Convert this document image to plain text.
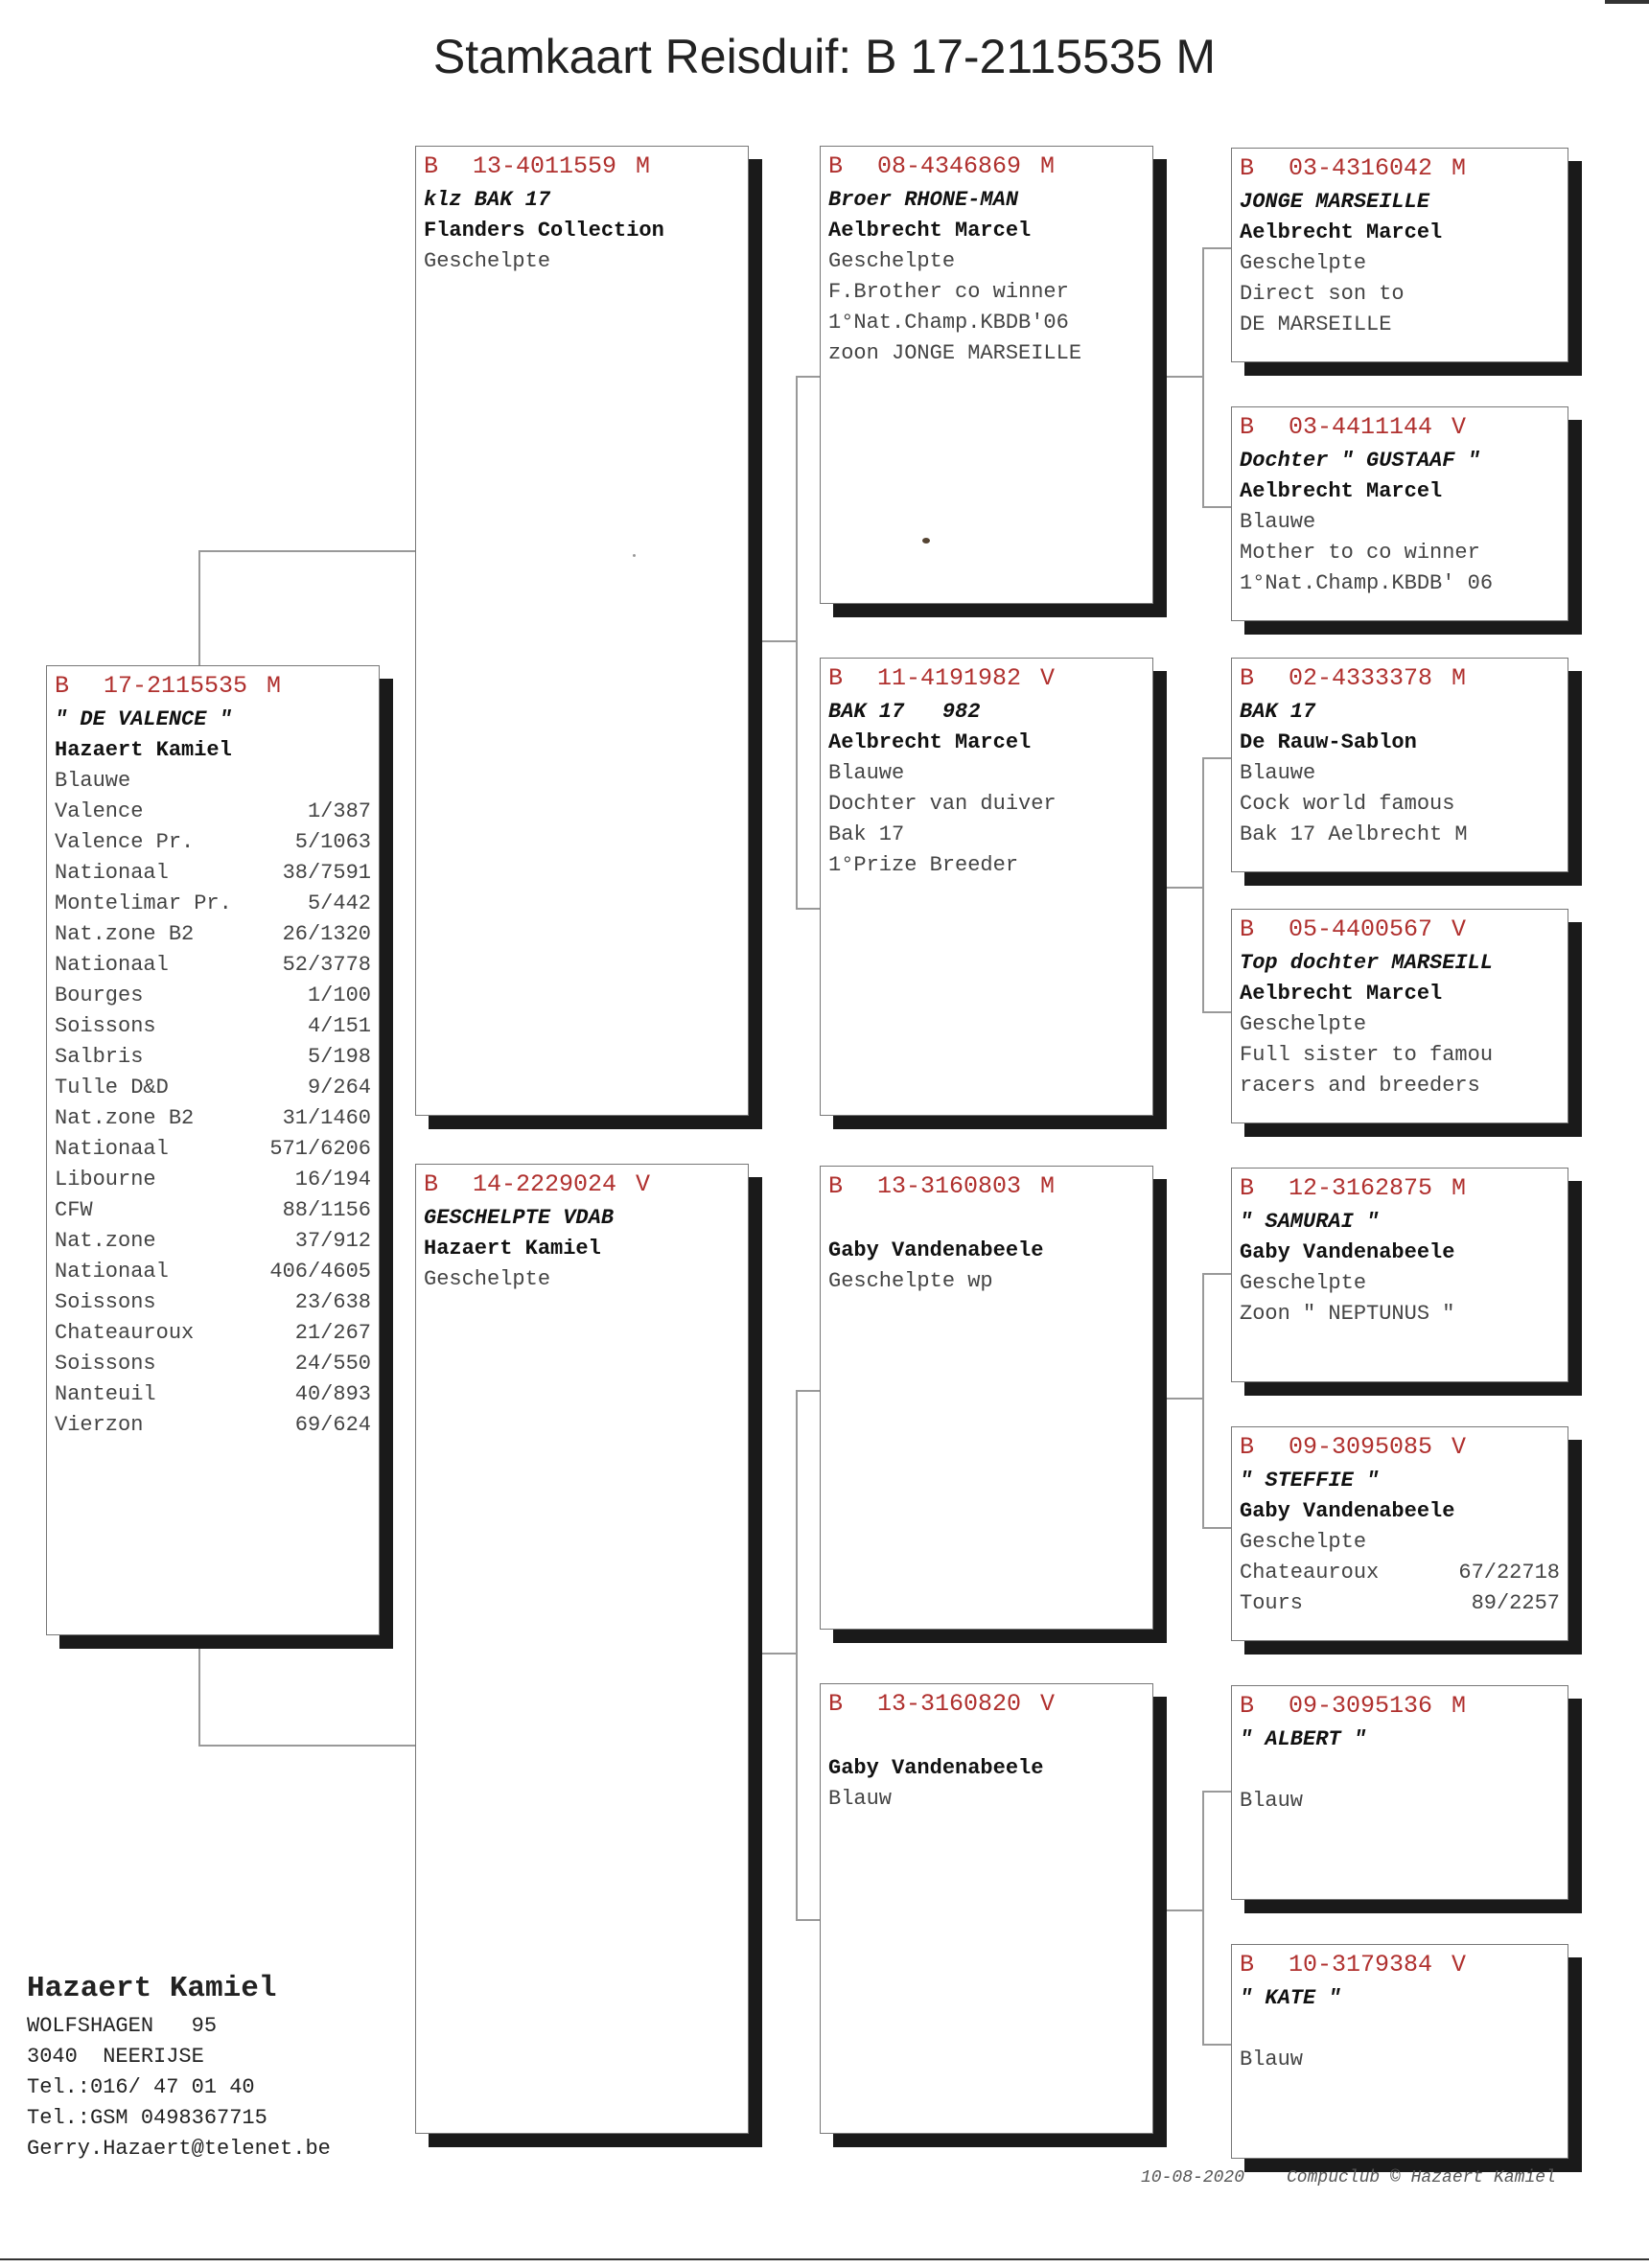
Stamkaart Reisduif: B 17-2115535 M
B 17-2115535 M
" DE VALENCE "
Hazaert Kamiel
Blauwe
Valence	1/387
Valence Pr.	5/1063
Nationaal	38/7591
Montelimar Pr.	5/442
Nat.zone B2	26/1320
Nationaal	52/3778
Bourges	1/100
Soissons	4/151
Salbris	5/198
Tulle D&D	9/264
Nat.zone B2	31/1460
Nationaal	571/6206
Libourne	16/194
CFW	88/1156
Nat.zone	37/912
Nationaal	406/4605
Soissons	23/638
Chateauroux	21/267
Soissons	24/550
Nanteuil	40/893
Vierzon	69/624
B 13-4011559 M
klz BAK 17
Flanders Collection
Geschelpte
B 14-2229024 V
GESCHELPTE VDAB
Hazaert Kamiel
Geschelpte
B 08-4346869 M
Broer RHONE-MAN
Aelbrecht Marcel
Geschelpte
F.Brother co winner
1°Nat.Champ.KBDB'06
zoon JONGE MARSEILLE
B 11-4191982 V
BAK 17   982
Aelbrecht Marcel
Blauwe
Dochter van duiver
Bak 17
1°Prize Breeder
B 13-3160803 M
Gaby Vandenabeele
Geschelpte wp
B 13-3160820 V
Gaby Vandenabeele
Blauw
B 03-4316042 M
JONGE MARSEILLE
Aelbrecht Marcel
Geschelpte
Direct son to
DE MARSEILLE
B 03-4411144 V
Dochter " GUSTAAF "
Aelbrecht Marcel
Blauwe
Mother to co winner
1°Nat.Champ.KBDB' 06
B 02-4333378 M
BAK 17
De Rauw-Sablon
Blauwe
Cock world famous
Bak 17 Aelbrecht M
B 05-4400567 V
Top dochter MARSEILL
Aelbrecht Marcel
Geschelpte
Full sister to famou
racers and breeders
B 12-3162875 M
" SAMURAI "
Gaby Vandenabeele
Geschelpte
Zoon " NEPTUNUS "
B 09-3095085 V
" STEFFIE "
Gaby Vandenabeele
Geschelpte
Chateauroux	67/22718
Tours	89/2257
B 09-3095136 M
" ALBERT "
Blauw
B 10-3179384 V
" KATE "
Blauw
Hazaert Kamiel
WOLFSHAGEN   95
3040  NEERIJSE
Tel.:016/ 47 01 40
Tel.:GSM 0498367715
Gerry.Hazaert@telenet.be
10-08-2020 Compuclub © Hazaert Kamiel
